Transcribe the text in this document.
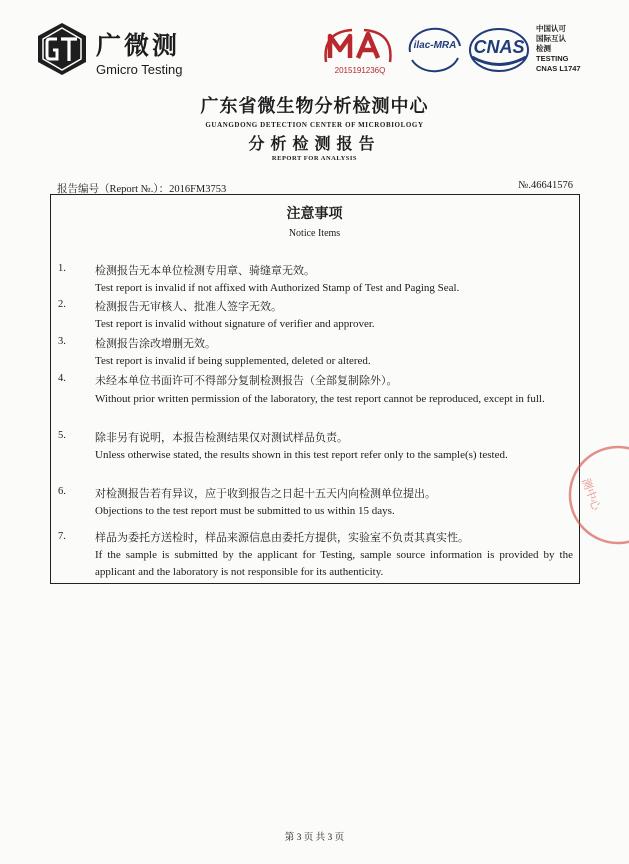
广微测
Gmicro Testing	2015191236Q
ilac-MRA CNAS
中国认可
国际互认
检测
TESTING
CNAS L1747
广东省微生物分析检测中心
GUANGDONG DETECTION CENTER OF MICROBIOLOGY
分析检测报告
REPORT FOR ANALYSIS
报告编号（Report №.）：2016FM3753	№.46641576
注意事项
Notice Items
1.	检测报告无本单位检测专用章、骑缝章无效。
Test report is invalid if not affixed with Authorized Stamp of Test and Paging Seal.
2.	检测报告无审核人、批准人签字无效。
Test report is invalid without signature of verifier and approver.
3.	检测报告涂改增删无效。
Test report is invalid if being supplemented, deleted or altered.
4.	未经本单位书面许可不得部分复制检测报告（全部复制除外）。
Without prior written permission of the laboratory, the test report cannot be reproduced, except in full.
5.	除非另有说明，本报告检测结果仅对测试样品负责。
Unless otherwise stated, the results shown in this test report refer only to the sample(s) tested.
6.	对检测报告若有异议，应于收到报告之日起十五天内向检测单位提出。
Objections to the test report must be submitted to us within 15 days.
7.	样品为委托方送检时，样品来源信息由委托方提供，实验室不负责其真实性。
If the sample is submitted by the applicant for Testing, sample source information is provided by the applicant and the laboratory is not responsible for its authenticity.
测中心
第 3 页 共 3 页
